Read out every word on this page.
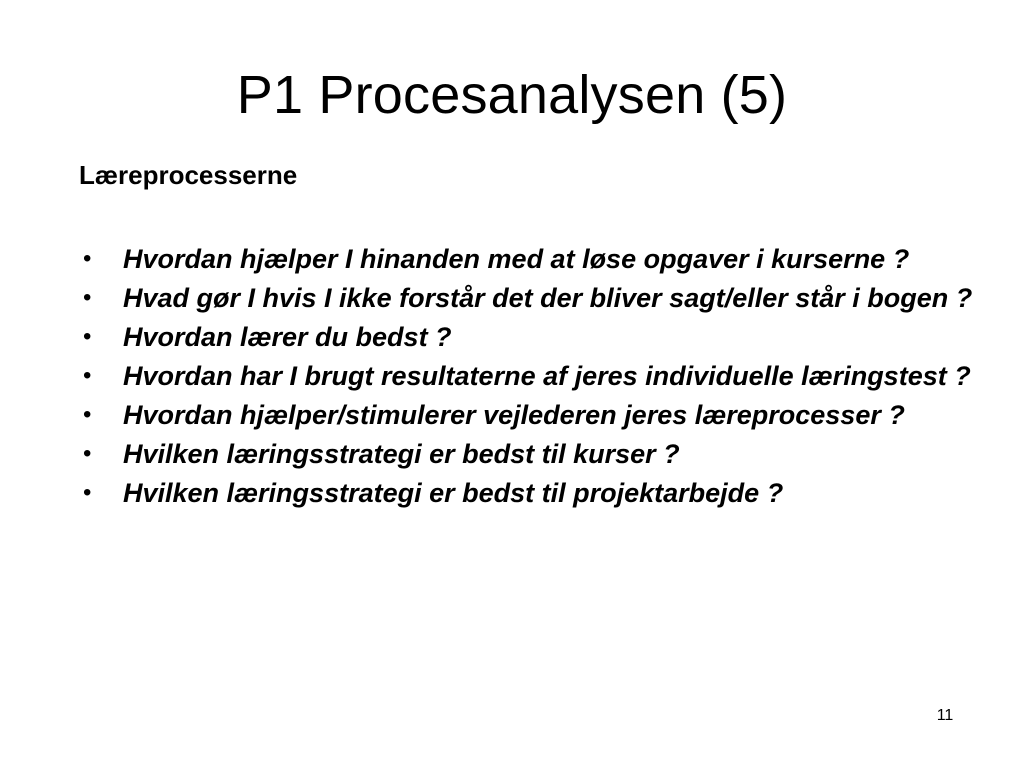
P1 Procesanalysen (5)
Læreprocesserne
•	Hvordan hjælper I hinanden med at løse opgaver i kurserne ?
•	Hvad gør I hvis I ikke forstår det der bliver sagt/eller står i bogen ?
•	Hvordan lærer du bedst ?
•	Hvordan har I brugt resultaterne af jeres individuelle læringstest ?
•	Hvordan hjælper/stimulerer vejlederen jeres læreprocesser ?
•	Hvilken læringsstrategi er bedst til kurser ?
•	Hvilken læringsstrategi er bedst til projektarbejde ?
11
